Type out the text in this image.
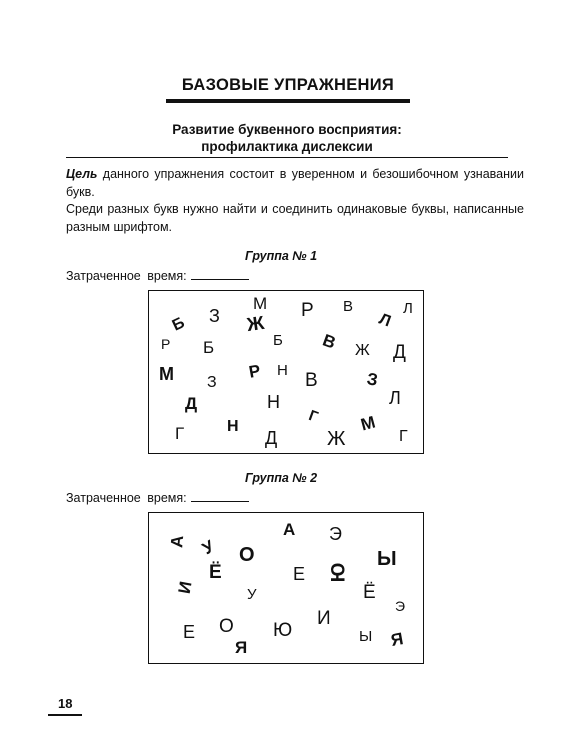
БАЗОВЫЕ УПРАЖНЕНИЯ
Развитие буквенного восприятия:
профилактика дислексии
Цель данного упражнения состоит в уверенном и безошибочном узнавании букв.
Среди разных букв нужно найти и соединить одинаковые буквы, написанные разным шрифтом.
Группа № 1
Затраченное время:
Б З
М
Ж
Р В
Л
Л
Р Б	Б В Ж Д
М З
Р Н В	З
Д	Н	Л
Г	Н
Г
Д Ж
М
Г
Группа № 2
Затраченное время:
А
А Э
У О	Ы
Ё	Е Ю
И	У	Ё
Э
Е О Ю
И
Ы
Я	Я
18
